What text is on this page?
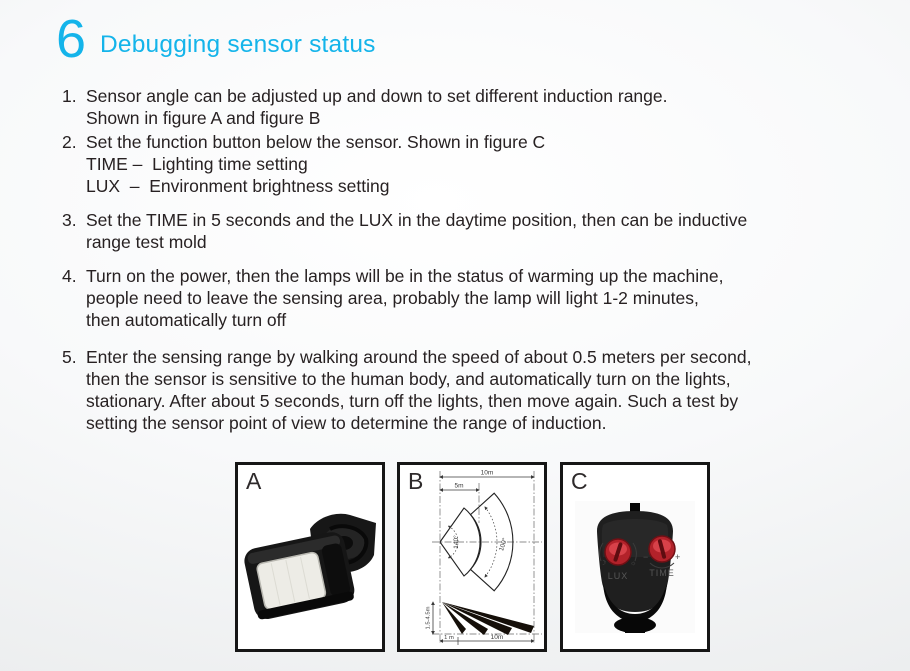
6 Debugging sensor status
1. Sensor angle can be adjusted up and down to set different induction range.
Shown in figure A and figure B
2. Set the function button below the sensor. Shown in figure C
TIME –  Lighting time setting
LUX  –  Environment brightness setting
3. Set the TIME in 5 seconds and the LUX in the daytime position, then can be inductive
range test mold
4. Turn on the power, then the lamps will be in the status of warming up the machine,
people need to leave the sensing area, probably the lamp will light 1-2 minutes,
then automatically turn off
5. Enter the sensing range by walking around the speed of about 0.5 meters per second,
then the sensor is sensitive to the human body, and automatically turn on the lights,
stationary. After about 5 seconds, turn off the lights, then move again. Such a test by
setting the sensor point of view to determine the range of induction.
A	B	10m
5m
140°	100°
1.5-4.5m
1 m	10m
C
☽	☼
LUX
−	+
TIME
